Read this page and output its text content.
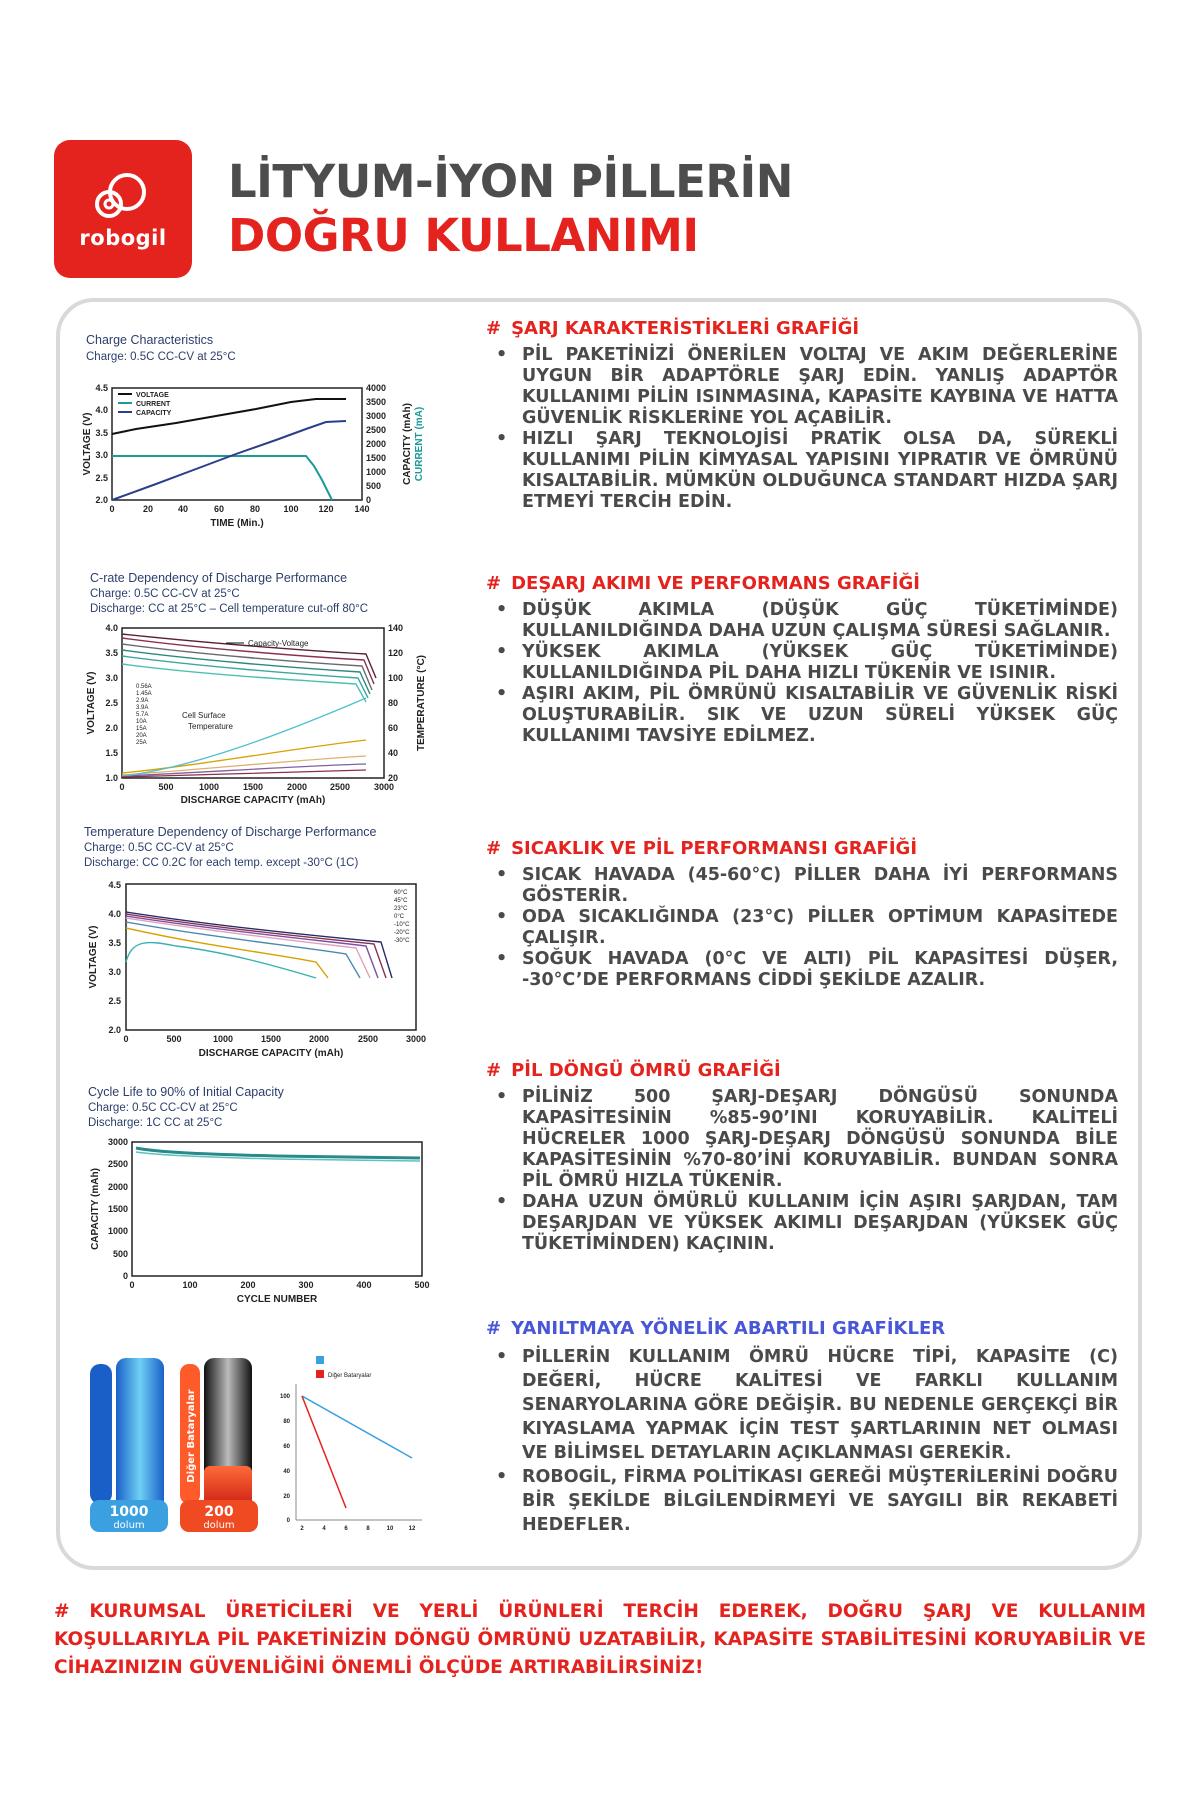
robogil
LİTYUM-İYON PİLLERİN
DOĞRU KULLANIMI
Charge Characteristics
Charge: 0.5C CC-CV at 25°C
2.0
2.5
3.0
3.5
4.0
4.5
0
500
1000
1500
2000
2500
3000
3500
4000
0	20	40	60	80	100 120 140
TIME (Min.)
VOLTAGE (V)	CAPACITY (mAh) CURRENT (mA)
VOLTAGE
CURRENT
CAPACITY
C-rate Dependency of Discharge Performance
Charge: 0.5C CC-CV at 25°C
Discharge: CC at 25°C – Cell temperature cut-off 80°C
1.0
1.5
2.0
2.5
3.0
3.5
4.0
20
40
60
80
100
120
140
0	500	1000	1500	2000	2500	3000
DISCHARGE CAPACITY (mAh)
VOLTAGE (V)	TEMPERATURE (°C)
Capacity-Voltage
Cell Surface
Temperature
0.56A
1.45A
2.9A
3.9A
5.7A
10A
15A
20A
25A
Temperature Dependency of Discharge Performance
Charge: 0.5C CC-CV at 25°C
Discharge: CC 0.2C for each temp. except -30°C (1C)
2.0
2.5
3.0
3.5
4.0
4.5
0	500	1000	1500	2000	2500	3000
DISCHARGE CAPACITY (mAh)
VOLTAGE (V)
60°C
45°C
23°C
0°C
-10°C
-20°C
-30°C
Cycle Life to 90% of Initial Capacity
Charge: 0.5C CC-CV at 25°C
Discharge: 1C CC at 25°C
0
500
1000
1500
2000
2500
3000
0	100	200	300	400	500
CYCLE NUMBER
CAPACITY (mAh)
1000
dolum
Diğer Bataryalar
200
dolum
Diğer Bataryalar
0
20
40
60
80
100
2	4	6	8	10	12
# ŞARJ KARAKTERİSTİKLERİ GRAFİĞİ
• PİL PAKETİNİZİ ÖNERİLEN VOLTAJ VE AKIM DEĞERLERİNE UYGUN BİR ADAPTÖRLE ŞARJ EDİN. YANLIŞ ADAPTÖR KULLANIMI PİLİN ISINMASINA, KAPASİTE KAYBINA VE HATTA GÜVENLİK RİSKLERİNE YOL AÇABİLİR.
• HIZLI ŞARJ TEKNOLOJİSİ PRATİK OLSA DA, SÜREKLİ KULLANIMI PİLİN KİMYASAL YAPISINI YIPRATIR VE ÖMRÜNÜ KISALTABİLİR. MÜMKÜN OLDUĞUNCA STANDART HIZDA ŞARJ ETMEYİ TERCİH EDİN.
# DEŞARJ AKIMI VE PERFORMANS GRAFİĞİ
• DÜŞÜK AKIMLA (DÜŞÜK GÜÇ TÜKETİMİNDE) KULLANILDIĞINDA DAHA UZUN ÇALIŞMA SÜRESİ SAĞLANIR.
• YÜKSEK AKIMLA (YÜKSEK GÜÇ TÜKETİMİNDE) KULLANILDIĞINDA PİL DAHA HIZLI TÜKENİR VE ISINIR.
• AŞIRI AKIM, PİL ÖMRÜNÜ KISALTABİLİR VE GÜVENLİK RİSKİ OLUŞTURABİLİR. SIK VE UZUN SÜRELİ YÜKSEK GÜÇ KULLANIMI TAVSİYE EDİLMEZ.
# SICAKLIK VE PİL PERFORMANSI GRAFİĞİ
• SICAK HAVADA (45-60°C) PİLLER DAHA İYİ PERFORMANS GÖSTERİR.
• ODA SICAKLIĞINDA (23°C) PİLLER OPTİMUM KAPASİTEDE ÇALIŞIR.
• SOĞUK HAVADA (0°C VE ALTI) PİL KAPASİTESİ DÜŞER, -30°C’DE PERFORMANS CİDDİ ŞEKİLDE AZALIR.
# PİL DÖNGÜ ÖMRÜ GRAFİĞİ
• PİLİNİZ 500 ŞARJ-DEŞARJ DÖNGÜSÜ SONUNDA KAPASİTESİNİN %85-90’INI KORUYABİLİR. KALİTELİ HÜCRELER 1000 ŞARJ-DEŞARJ DÖNGÜSÜ SONUNDA BİLE KAPASİTESİNİN %70-80’İNİ KORUYABİLİR. BUNDAN SONRA PİL ÖMRÜ HIZLA TÜKENİR.
• DAHA UZUN ÖMÜRLÜ KULLANIM İÇİN AŞIRI ŞARJDAN, TAM DEŞARJDAN VE YÜKSEK AKIMLI DEŞARJDAN (YÜKSEK GÜÇ TÜKETİMİNDEN) KAÇININ.
# YANILTMAYA YÖNELİK ABARTILI GRAFİKLER
• PİLLERİN KULLANIM ÖMRÜ HÜCRE TİPİ, KAPASİTE (C) DEĞERİ, HÜCRE KALİTESİ VE FARKLI KULLANIM SENARYOLARINA GÖRE DEĞİŞİR. BU NEDENLE GERÇEKÇİ BİR KIYASLAMA YAPMAK İÇİN TEST ŞARTLARININ NET OLMASI VE BİLİMSEL DETAYLARIN AÇIKLANMASI GEREKİR.
• ROBOGİL, FİRMA POLİTİKASI GEREĞİ MÜŞTERİLERİNİ DOĞRU BİR ŞEKİLDE BİLGİLENDİRMEYİ VE SAYGILI BİR REKABETİ HEDEFLER.
# KURUMSAL ÜRETİCİLERİ VE YERLİ ÜRÜNLERİ TERCİH EDEREK, DOĞRU ŞARJ VE KULLANIM KOŞULLARIYLA PİL PAKETİNİZİN DÖNGÜ ÖMRÜNÜ UZATABİLİR, KAPASİTE STABİLİTESİNİ KORUYABİLİR VE CİHAZINIZIN GÜVENLİĞİNİ ÖNEMLİ ÖLÇÜDE ARTIRABİLİRSİNİZ!
